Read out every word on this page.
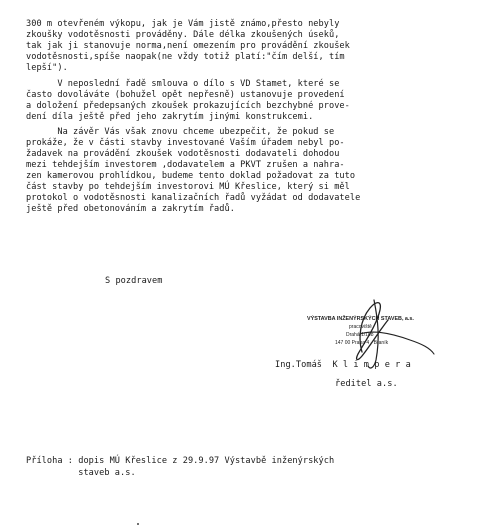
300 m otevřeném výkopu, jak je Vám jistě známo,přesto nebyly
zkoušky vodotěsnosti prováděny. Dále délka zkoušených úseků,
tak jak ji stanovuje norma,není omezením pro provádění zkoušek
vodotěsnosti,spíše naopak(ne vždy totiž platí:"čím delší, tím
lepší").
V neposlední řadě smlouva o dílo s VD Stamet, které se
často dovoláváte (bohužel opět nepřesně) ustanovuje provedení
a doložení předepsaných zkoušek prokazujících bezchybné prove-
dení díla ještě před jeho zakrytím jinými konstrukcemi.
Na závěr Vás však znovu chceme ubezpečit, že pokud se
prokáže, že v části stavby investované Vaším úřadem nebyl po-
žadavek na provádění zkoušek vodotěsnosti dodavateli dohodou
mezi tehdejším investorem ,dodavatelem a PKVT zrušen a nahra-
zen kamerovou prohlídkou, budeme tento doklad požadovat za tuto
část stavby po tehdejším investorovi MÚ Křeslice, který si měl
protokol o vodotěsnosti kanalizačních řadů vyžádat od dodavatele
ještě před obetonováním a zakrytím řadů.
S pozdravem
VÝSTAVBA INŽENÝRSKÝCH STAVEB, a.s.
pracoviště
Drahá 1/108
147 00 Praha 4 - Braník
Ing.Tomáš  K l i m p e r a
ředitel a.s.
Příloha : dopis MÚ Křeslice z 29.9.97 Výstavbě inženýrských
staveb a.s.
